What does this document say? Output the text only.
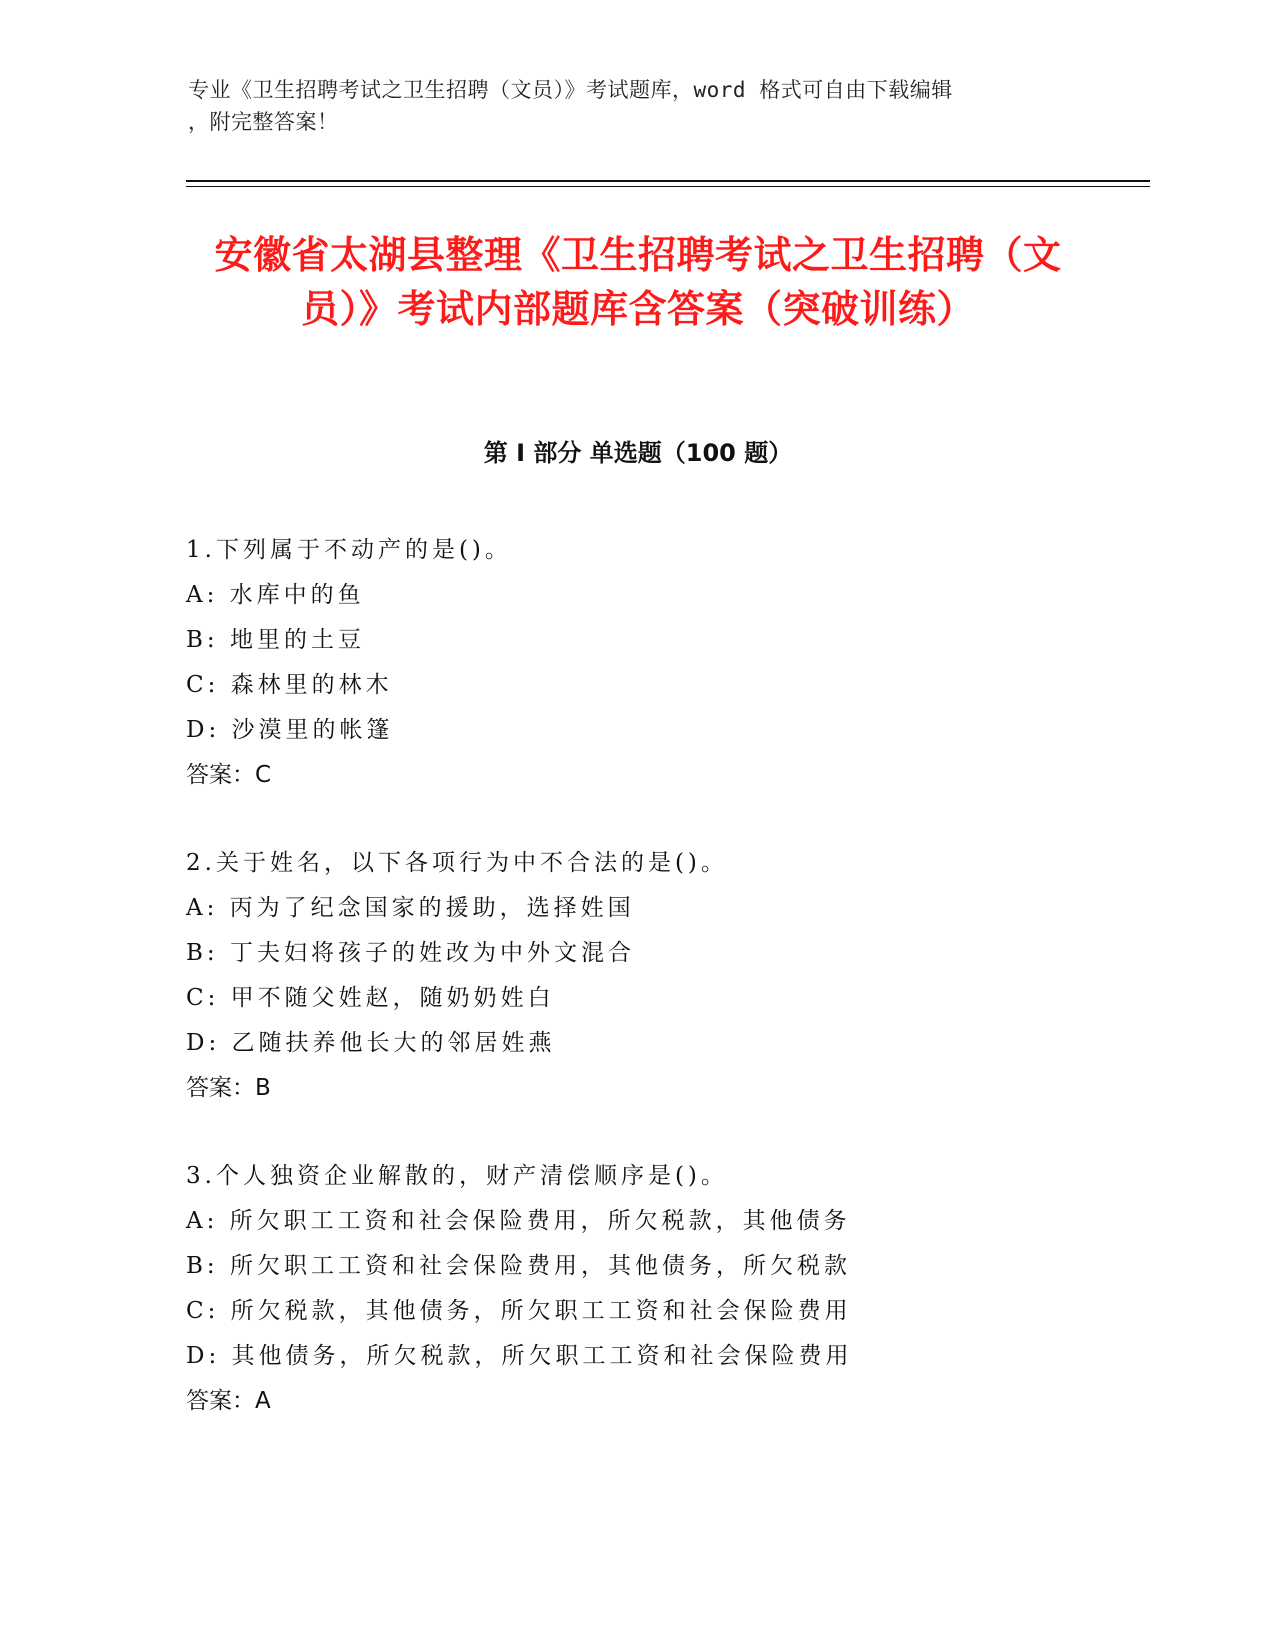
专业《卫生招聘考试之卫生招聘（文员）》考试题库，word 格式可自由下载编辑
，附完整答案！
安徽省太湖县整理《卫生招聘考试之卫生招聘（文员）》考试内部题库含答案（突破训练）
第 I 部分 单选题（100 题）
1.下列属于不动产的是()。
A: 水库中的鱼
B: 地里的土豆
C: 森林里的林木
D: 沙漠里的帐篷
答案：C
2.关于姓名，以下各项行为中不合法的是()。
A: 丙为了纪念国家的援助，选择姓国
B: 丁夫妇将孩子的姓改为中外文混合
C: 甲不随父姓赵，随奶奶姓白
D: 乙随扶养他长大的邻居姓燕
答案：B
3.个人独资企业解散的，财产清偿顺序是()。
A: 所欠职工工资和社会保险费用，所欠税款，其他债务
B: 所欠职工工资和社会保险费用，其他债务，所欠税款
C: 所欠税款，其他债务，所欠职工工资和社会保险费用
D: 其他债务，所欠税款，所欠职工工资和社会保险费用
答案：A
